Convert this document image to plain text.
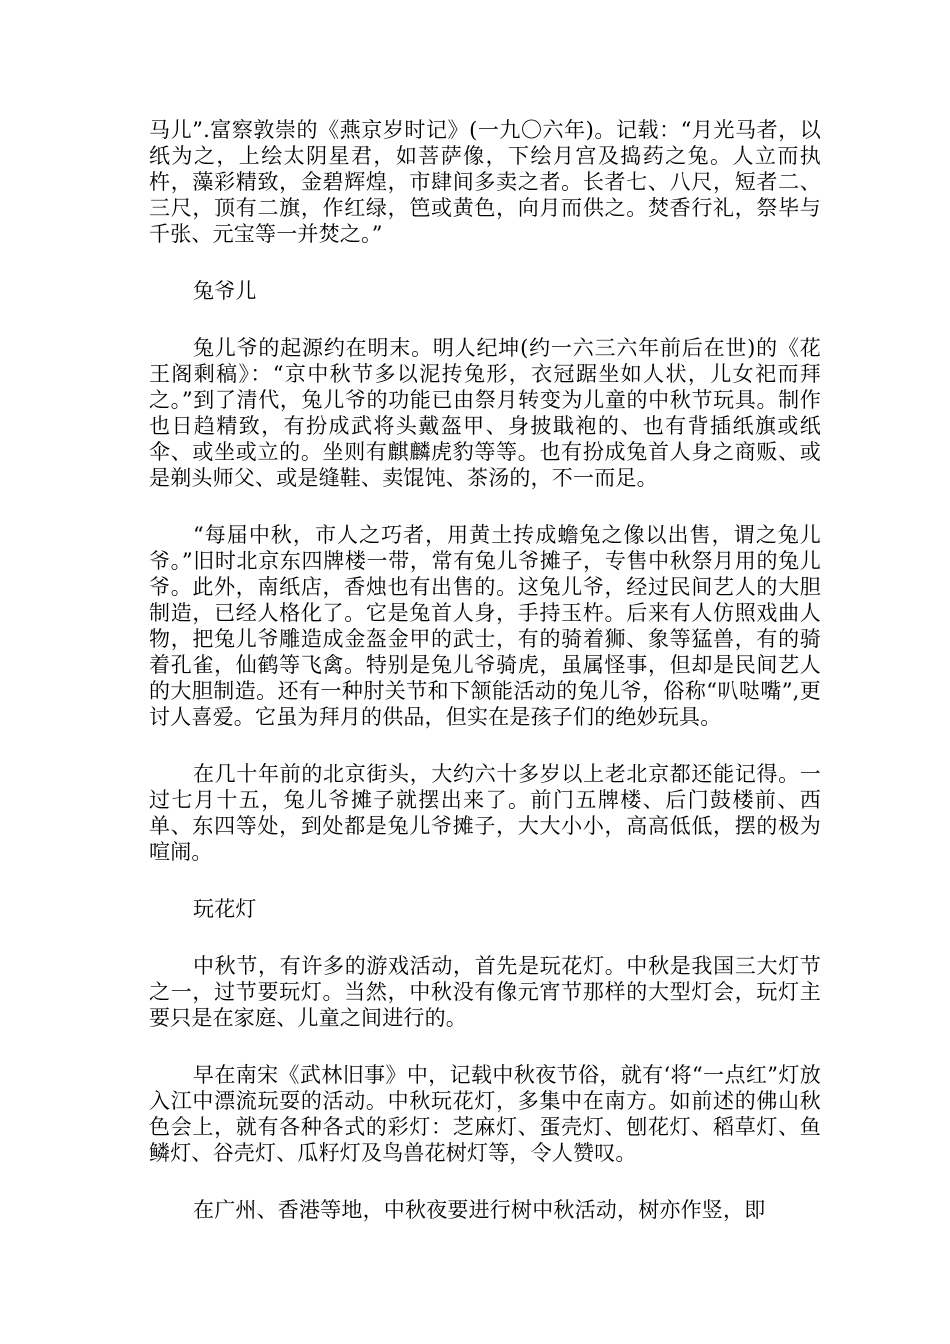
马儿”.富察敦崇的《燕京岁时记》(一九〇六年)。记载：“月光马者，以纸为之，上绘太阴星君，如菩萨像，下绘月宫及捣药之兔。人立而执杵，藻彩精致，金碧辉煌，市肆间多卖之者。长者七、八尺，短者二、三尺，顶有二旗，作红绿，笆或黄色，向月而供之。焚香行礼，祭毕与千张、元宝等一并焚之。”

兔爷儿

兔儿爷的起源约在明末。明人纪坤(约一六三六年前后在世)的《花王阁剩稿》：“京中秋节多以泥抟兔形，衣冠踞坐如人状，儿女祀而拜之。”到了清代，兔儿爷的功能已由祭月转变为儿童的中秋节玩具。制作也日趋精致，有扮成武将头戴盔甲、身披戢袍的、也有背插纸旗或纸伞、或坐或立的。坐则有麒麟虎豹等等。也有扮成兔首人身之商贩、或是剃头师父、或是缝鞋、卖馄饨、茶汤的，不一而足。

“每届中秋，市人之巧者，用黄土抟成蟾兔之像以出售，谓之兔儿爷。”旧时北京东四牌楼一带，常有兔儿爷摊子，专售中秋祭月用的兔儿爷。此外，南纸店，香烛也有出售的。这兔儿爷，经过民间艺人的大胆制造，已经人格化了。它是兔首人身，手持玉杵。后来有人仿照戏曲人物，把兔儿爷雕造成金盔金甲的武士，有的骑着狮、象等猛兽，有的骑着孔雀，仙鹤等飞禽。特别是兔儿爷骑虎，虽属怪事，但却是民间艺人的大胆制造。还有一种肘关节和下颔能活动的兔儿爷，俗称“叭哒嘴”,更讨人喜爱。它虽为拜月的供品，但实在是孩子们的绝妙玩具。

在几十年前的北京街头，大约六十多岁以上老北京都还能记得。一过七月十五，兔儿爷摊子就摆出来了。前门五牌楼、后门鼓楼前、西单、东四等处，到处都是兔儿爷摊子，大大小小，高高低低，摆的极为喧闹。

玩花灯

中秋节，有许多的游戏活动，首先是玩花灯。中秋是我国三大灯节之一，过节要玩灯。当然，中秋没有像元宵节那样的大型灯会，玩灯主要只是在家庭、儿童之间进行的。

早在南宋《武林旧事》中，记载中秋夜节俗，就有‘将“一点红”灯放入江中漂流玩耍的活动。中秋玩花灯，多集中在南方。如前述的佛山秋色会上，就有各种各式的彩灯：芝麻灯、蛋壳灯、刨花灯、稻草灯、鱼鳞灯、谷壳灯、瓜籽灯及鸟兽花树灯等，令人赞叹。

在广州、香港等地，中秋夜要进行树中秋活动，树亦作竖，即
